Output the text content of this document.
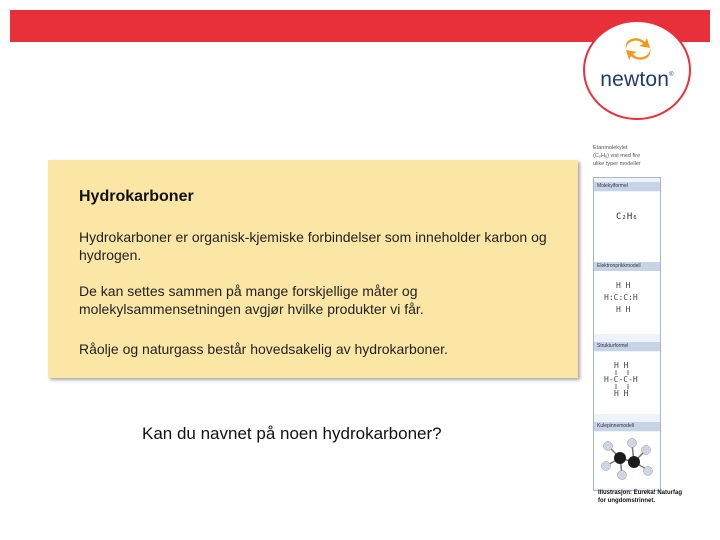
newton®
Hydrokarboner
Hydrokarboner er organisk-kjemiske forbindelser som inneholder karbon og hydrogen.
De kan settes sammen på mange forskjellige måter og molekylsammensetningen avgjør hvilke produkter vi får.
Råolje og naturgass består hovedsakelig av hydrokarboner.
Kan du navnet på noen hydrokarboner?
Etanmolekylet
(C₂H₆) vist med fire
ulike typer modeller
Molekylformel
C₂H₆
Elektronprikkmodell
H H
H:C:C:H
H H
Strukturformel
H H
H-C-C-H
H H
Kulepinnemodell
Illustrasjon: Eureka! Naturfag for ungdomstrinnet.
